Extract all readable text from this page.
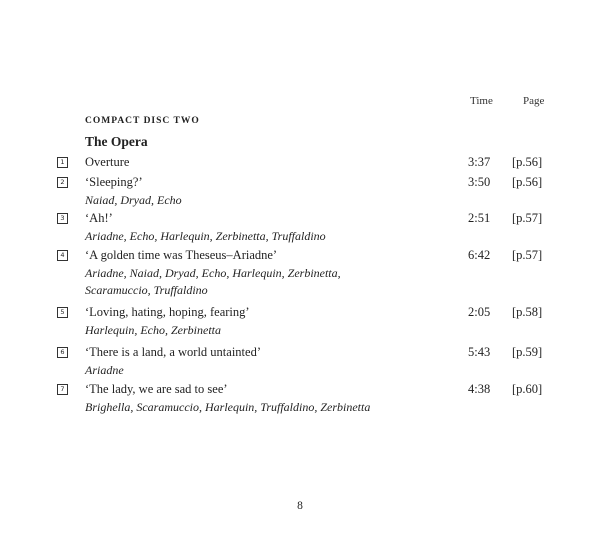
Time	Page
COMPACT DISC TWO
The Opera
1 Overture	3:37 [p.56]
2 ‘Sleeping?’
Naiad, Dryad, Echo
3:50 [p.56]
3 ‘Ah!’
Ariadne, Echo, Harlequin, Zerbinetta, Truffaldino
2:51 [p.57]
4 ‘A golden time was Theseus–Ariadne’
Ariadne, Naiad, Dryad, Echo, Harlequin, Zerbinetta, Scaramuccio, Truffaldino
6:42 [p.57]
5 ‘Loving, hating, hoping, fearing’
Harlequin, Echo, Zerbinetta
2:05 [p.58]
6 ‘There is a land, a world untainted’
Ariadne
5:43 [p.59]
7 ‘The lady, we are sad to see’
Brighella, Scaramuccio, Harlequin, Truffaldino, Zerbinetta
4:38 [p.60]
8
